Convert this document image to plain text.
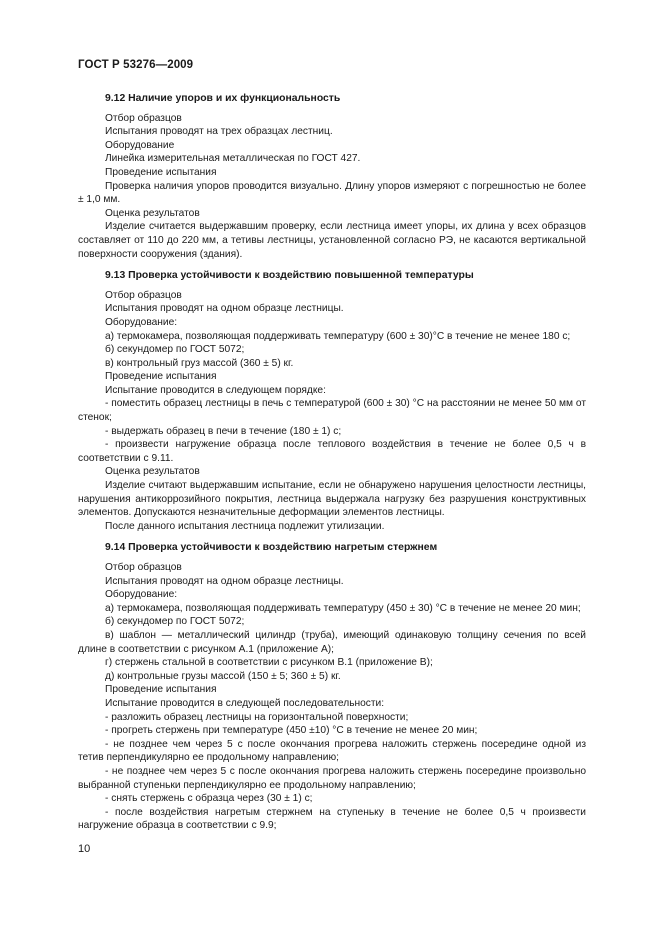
ГОСТ Р 53276—2009
9.12 Наличие упоров и их функциональность

Отбор образцов

Испытания проводят на трех образцах лестниц.

Оборудование

Линейка измерительная металлическая по ГОСТ 427.

Проведение испытания

Проверка наличия упоров проводится визуально. Длину упоров измеряют с погрешностью не более ± 1,0 мм.

Оценка результатов

Изделие считается выдержавшим проверку, если лестница имеет упоры, их длина у всех образцов составляет от 110 до 220 мм, а тетивы лестницы, установленной согласно РЭ, не касаются вертикальной поверхности сооружения (здания).

9.13 Проверка устойчивости к воздействию повышенной температуры

Отбор образцов

Испытания проводят на одном образце лестницы.

Оборудование:

а) термокамера, позволяющая поддерживать температуру (600 ± 30)°С в течение не менее 180 с;

б) секундомер по ГОСТ 5072;

в) контрольный груз массой (360 ± 5) кг.

Проведение испытания

Испытание проводится в следующем порядке:

- поместить образец лестницы в печь с температурой (600 ± 30) °С на расстоянии не менее 50 мм от стенок;

- выдержать образец в печи в течение (180 ± 1) с;

- произвести нагружение образца после теплового воздействия в течение не более 0,5 ч в соответствии с 9.11.

Оценка результатов

Изделие считают выдержавшим испытание, если не обнаружено нарушения целостности лестницы, нарушения антикоррозийного покрытия, лестница выдержала нагрузку без разрушения конструктивных элементов. Допускаются незначительные деформации элементов лестницы.

После данного испытания лестница подлежит утилизации.

9.14 Проверка устойчивости к воздействию нагретым стержнем

Отбор образцов

Испытания проводят на одном образце лестницы.

Оборудование:

а) термокамера, позволяющая поддерживать температуру (450 ± 30) °С в течение не менее 20 мин;

б) секундомер по ГОСТ 5072;

в) шаблон — металлический цилиндр (труба), имеющий одинаковую толщину сечения по всей длине в соответствии с рисунком А.1 (приложение А);

г) стержень стальной в соответствии с рисунком В.1 (приложение В);

д) контрольные грузы массой (150 ± 5; 360 ± 5) кг.

Проведение испытания

Испытание проводится в следующей последовательности:

- разложить образец лестницы на горизонтальной поверхности;

- прогреть стержень при температуре (450 ±10) °С в течение не менее 20 мин;

- не позднее чем через 5 с после окончания прогрева наложить стержень посередине одной из тетив перпендикулярно ее продольному направлению;

- не позднее чем через 5 с после окончания прогрева наложить стержень посередине произвольно выбранной ступеньки перпендикулярно ее продольному направлению;

- снять стержень с образца через (30 ± 1) с;

- после воздействия нагретым стержнем на ступеньку в течение не более 0,5 ч произвести нагружение образца в соответствии с 9.9;

10
